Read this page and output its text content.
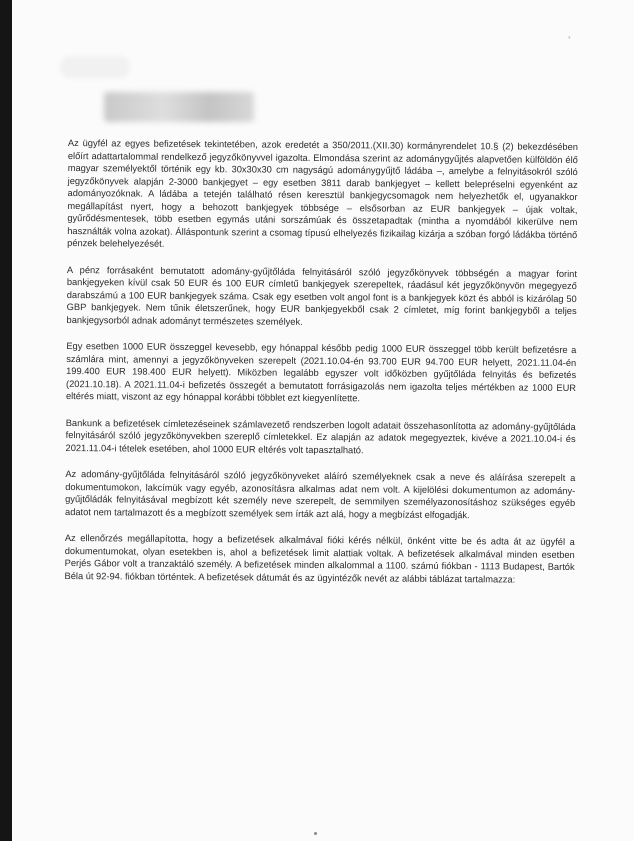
*

Az ügyfél az egyes befizetések tekintetében, azok eredetét a 350/2011.(XII.30) kormányrendelet 10.§ (2) bekezdésében előírt adattartalommal rendelkező jegyzőkönyvvel igazolta. Elmondása szerint az adománygyűjtés alapvetően külföldön élő magyar személyektől történik egy kb. 30x30x30 cm nagyságú adománygyűjtő ládába –, amelybe a felnyitásokról szóló jegyzőkönyvek alapján 2-3000 bankjegyet – egy esetben 3811 darab bankjegyet – kellett belepréselni egyenként az adományozóknak. A ládába a tetején található résen keresztül bankjegycsomagok nem helyezhetők el, ugyanakkor megállapítást nyert, hogy a behozott bankjegyek többsége – elsősorban az EUR bankjegyek – újak voltak, gyűrődésmentesek, több esetben egymás utáni sorszámúak és összetapadtak (mintha a nyomdából kikerülve nem használták volna azokat). Álláspontunk szerint a csomag típusú elhelyezés fizikailag kizárja a szóban forgó ládákba történő pénzek belehelyezését.

A pénz forrásaként bemutatott adomány-gyűjtőláda felnyitásáról szóló jegyzőkönyvek többségén a magyar forint bankjegyeken kívül csak 50 EUR és 100 EUR címletű bankjegyek szerepeltek, ráadásul két jegyzőkönyvön megegyező darabszámú a 100 EUR bankjegyek száma. Csak egy esetben volt angol font is a bankjegyek közt és abból is kizárólag 50 GBP bankjegyek. Nem tűnik életszerűnek, hogy EUR bankjegyekből csak 2 címletet, míg forint bankjegyből a teljes bankjegysorból adnak adományt természetes személyek.

Egy esetben 1000 EUR összeggel kevesebb, egy hónappal később pedig 1000 EUR összeggel több került befizetésre a számlára mint, amennyi a jegyzőkönyveken szerepelt (2021.10.04-én 93.700 EUR 94.700 EUR helyett, 2021.11.04-én 199.400 EUR 198.400 EUR helyett). Miközben legalább egyszer volt időközben gyűjtőláda felnyitás és befizetés (2021.10.18). A 2021.11.04-i befizetés összegét a bemutatott forrásigazolás nem igazolta teljes mértékben az 1000 EUR eltérés miatt, viszont az egy hónappal korábbi többlet ezt kiegyenlítette.

Bankunk a befizetések címletezéseinek számlavezető rendszerben logolt adatait összehasonlította az adomány-gyűjtőláda felnyitásáról szóló jegyzőkönyvekben szereplő címletekkel. Ez alapján az adatok megegyeztek, kivéve a 2021.10.04-i és 2021.11.04-i tételek esetében, ahol 1000 EUR eltérés volt tapasztalható.

Az adomány-gyűjtőláda felnyitásáról szóló jegyzőkönyveket aláíró személyeknek csak a neve és aláírása szerepelt a dokumentumokon, lakcímük vagy egyéb, azonosításra alkalmas adat nem volt. A kijelölési dokumentumon az adomány-gyűjtőládák felnyitásával megbízott két személy neve szerepelt, de semmilyen személyazonosításhoz szükséges egyéb adatot nem tartalmazott és a megbízott személyek sem írták azt alá, hogy a megbízást elfogadják.

Az ellenőrzés megállapította, hogy a befizetések alkalmával fióki kérés nélkül, önként vitte be és adta át az ügyfél a dokumentumokat, olyan esetekben is, ahol a befizetések limit alattiak voltak. A befizetések alkalmával minden esetben Perjés Gábor volt a tranzaktáló személy. A befizetések minden alkalommal a 1100. számú fiókban - 1113 Budapest, Bartók Béla út 92-94. fiókban történtek. A befizetések dátumát és az ügyintézők nevét az alábbi táblázat tartalmazza:
